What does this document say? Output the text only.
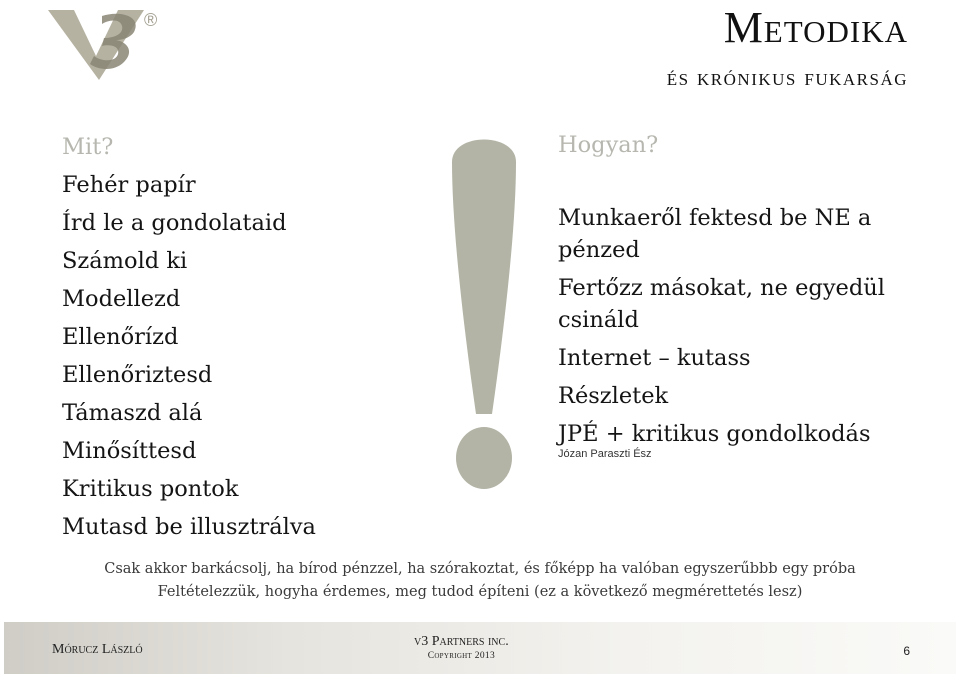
®	Metodika
és krónikus fukarság
Mit?
Fehér papír
Írd le a gondolataid
Számold ki
Modellezd
Ellenőrízd
Ellenőriztesd
Támaszd alá
Minősíttesd
Kritikus pontok
Mutasd be illusztrálva
Hogyan?
Munkaeről fektesd be NE a pénzed
Fertőzz másokat, ne egyedül csináld
Internet – kutass
Részletek
JPÉ + kritikus gondolkodás
Józan Paraszti Ész
Csak akkor barkácsolj, ha bírod pénzzel, ha szórakoztat, és főképp ha valóban egyszerűbbb egy próba
Feltételezzük, hogyha érdemes, meg tudod építeni (ez a következő megmérettetés lesz)
Mórucz László
v3 Partners inc.
Copyright 2013	6
